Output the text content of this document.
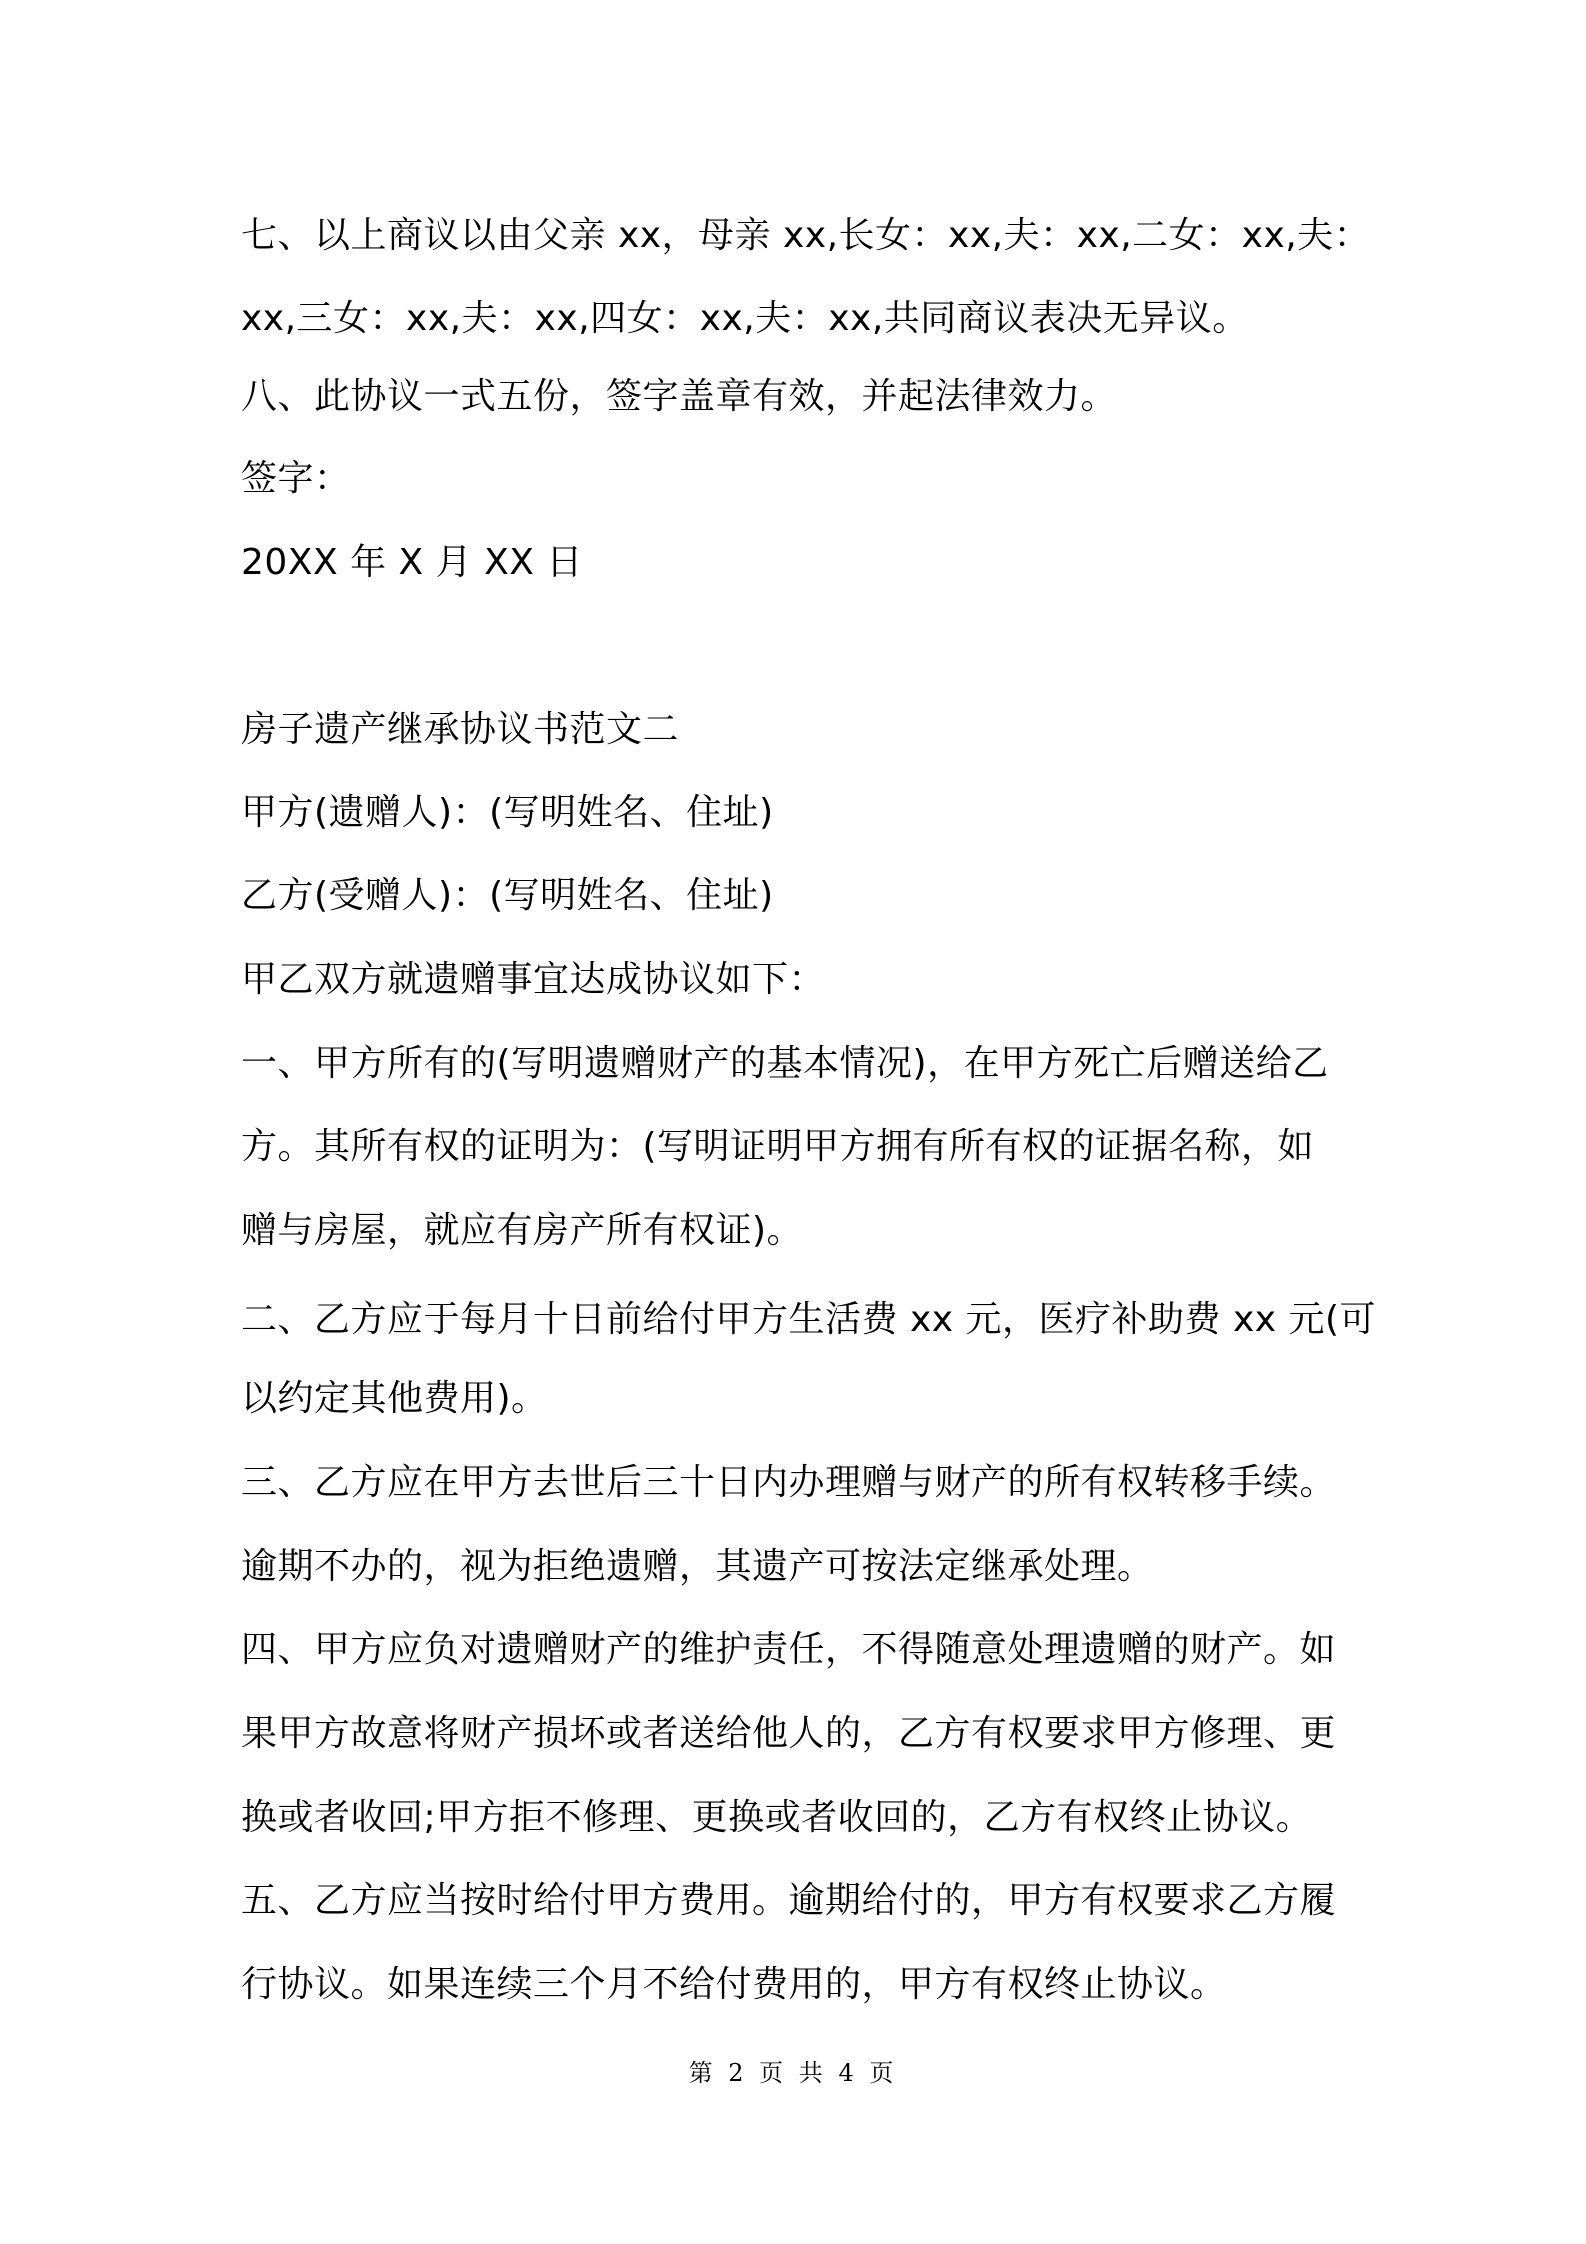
七、以上商议以由父亲 xx，母亲 xx,长女：xx,夫：xx,二女：xx,夫：
xx,三女：xx,夫：xx,四女：xx,夫：xx,共同商议表决无异议。
八、此协议一式五份，签字盖章有效，并起法律效力。
签字：
20XX 年 X 月 XX 日
房子遗产继承协议书范文二
甲方(遗赠人)：(写明姓名、住址)
乙方(受赠人)：(写明姓名、住址)
甲乙双方就遗赠事宜达成协议如下：
一、甲方所有的(写明遗赠财产的基本情况)，在甲方死亡后赠送给乙
方。其所有权的证明为：(写明证明甲方拥有所有权的证据名称，如
赠与房屋，就应有房产所有权证)。
二、乙方应于每月十日前给付甲方生活费 xx 元，医疗补助费 xx 元(可
以约定其他费用)。
三、乙方应在甲方去世后三十日内办理赠与财产的所有权转移手续。
逾期不办的，视为拒绝遗赠，其遗产可按法定继承处理。
四、甲方应负对遗赠财产的维护责任，不得随意处理遗赠的财产。如
果甲方故意将财产损坏或者送给他人的，乙方有权要求甲方修理、更
换或者收回;甲方拒不修理、更换或者收回的，乙方有权终止协议。
五、乙方应当按时给付甲方费用。逾期给付的，甲方有权要求乙方履
行协议。如果连续三个月不给付费用的，甲方有权终止协议。
第 2 页 共 4 页
